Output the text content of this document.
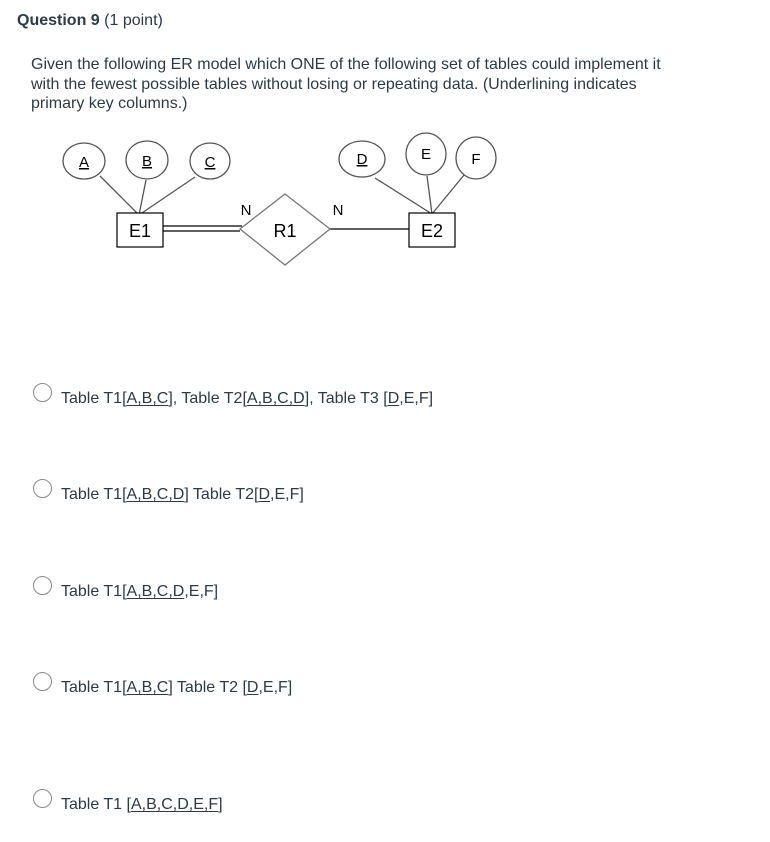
Question 9 (1 point)
Given the following ER model which ONE of the following set of tables could implement it with the fewest possible tables without losing or repeating data. (Underlining indicates primary key columns.)
A	B	C	D	E	F
E1	E2
R1
N	N
Table T1[A,B,C], Table T2[A,B,C,D], Table T3 [D,E,F]
Table T1[A,B,C,D] Table T2[D,E,F]
Table T1[A,B,C,D,E,F]
Table T1[A,B,C] Table T2 [D,E,F]
Table T1 [A,B,C,D,E,F]
